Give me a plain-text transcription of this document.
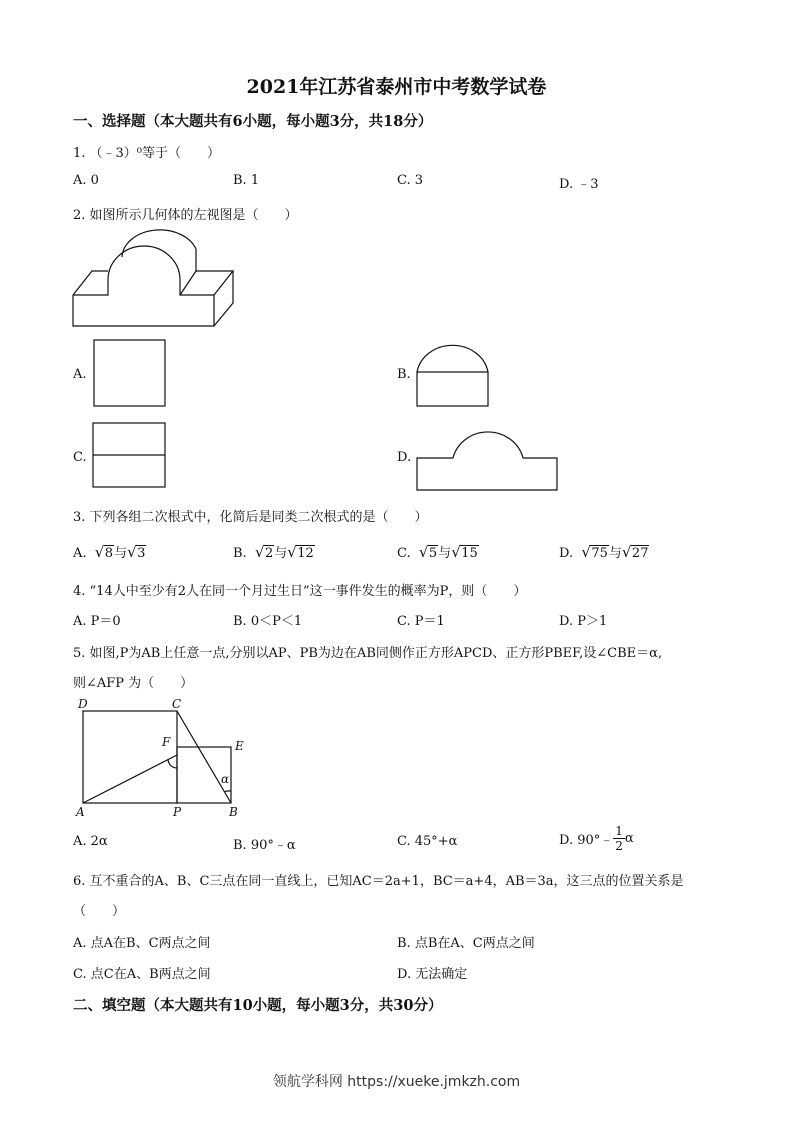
2021年江苏省泰州市中考数学试卷
一、选择题（本大题共有6小题，每小题3分，共18分）
1. （﹣3）⁰等于（　　）
A. 0	B. 1	C. 3	D. ﹣3
2. 如图所示几何体的左视图是（　　）
A.	B.
C.	D.
3. 下列各组二次根式中，化简后是同类二次根式的是（　　）
A. √ 8与 √ 3	B. √ 2与 √ 12	C. √ 5与 √ 15	D. √ 75与 √ 27
4. “14人中至少有2人在同一个月过生日”这一事件发生的概率为P，则（　　）
A. P＝0	B. 0＜P＜1	C. P＝1	D. P＞1
5. 如图,P为AB上任意一点,分别以AP、PB为边在AB同侧作正方形APCD、正方形PBEF,设∠CBE＝α,
则∠AFP 为（　　）
D	C
F	E
α
A	P	B
A. 2α	B. 90°﹣α	C. 45°+α	D. 90°﹣ $\frac{1}{2}$ α
6. 互不重合的A、B、C三点在同一直线上，已知AC＝2a+1，BC＝a+4，AB＝3a，这三点的位置关系是
（　　）
A. 点A在B、C两点之间	B. 点B在A、C两点之间
C. 点C在A、B两点之间	D. 无法确定
二、填空题（本大题共有10小题，每小题3分，共30分）
领航学科网 https://xueke.jmkzh.com
